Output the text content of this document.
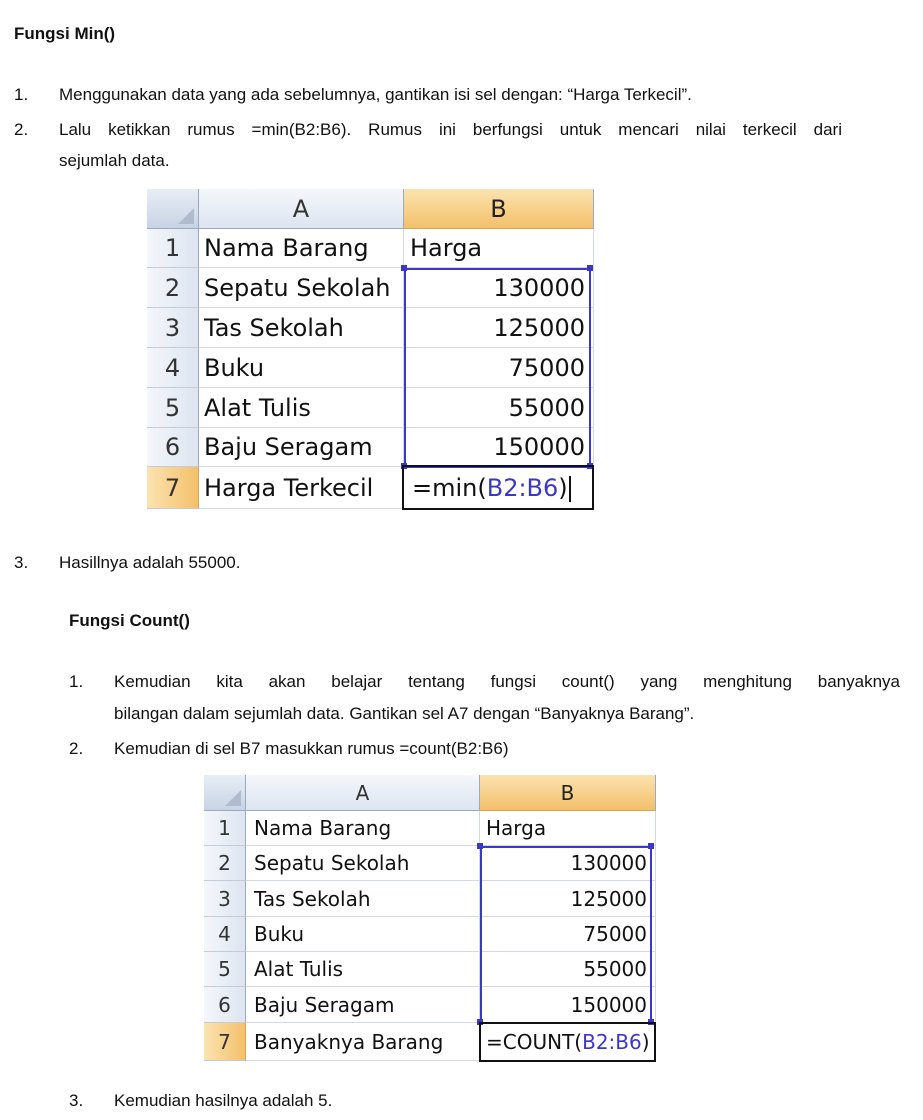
Fungsi Min()
1. Menggunakan data yang ada sebelumnya, gantikan isi sel dengan: “Harga Terkecil”.
2. Lalu ketikkan rumus =min(B2:B6). Rumus ini berfungsi untuk mencari nilai terkecil dari
sejumlah data.
A	B
1 Nama Barang	Harga
2 Sepatu Sekolah	130000
3 Tas Sekolah	125000
4 Buku	75000
5 Alat Tulis	55000
6 Baju Seragam	150000
7 Harga Terkecil	=min(B2:B6)
3. Hasillnya adalah 55000.
Fungsi Count()
1. Kemudian kita akan belajar tentang fungsi count() yang menghitung banyaknya
bilangan dalam sejumlah data. Gantikan sel A7 dengan “Banyaknya Barang”.
2. Kemudian di sel B7 masukkan rumus =count(B2:B6)
A	B
1	Nama Barang	Harga
2	Sepatu Sekolah	130000
3	Tas Sekolah	125000
4	Buku	75000
5	Alat Tulis	55000
6	Baju Seragam	150000
7	Banyaknya Barang	=COUNT(B2:B6)
3. Kemudian hasilnya adalah 5.
